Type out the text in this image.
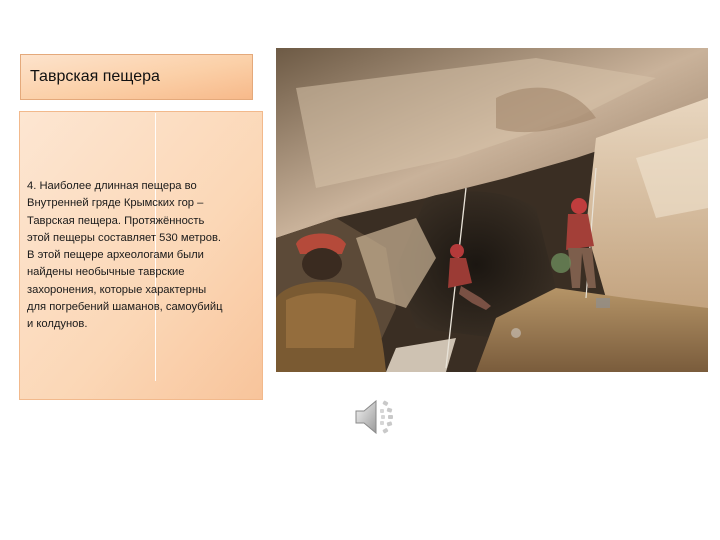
Таврская пещера
4. Наиболее длинная пещера во
Внутренней гряде Крымских гор –
Таврская пещера. Протяжённость
этой пещеры составляет 530 метров.
В этой пещере археологами были
найдены необычные таврские
захоронения, которые характерны
для погребений шаманов, самоубийц
и колдунов.
